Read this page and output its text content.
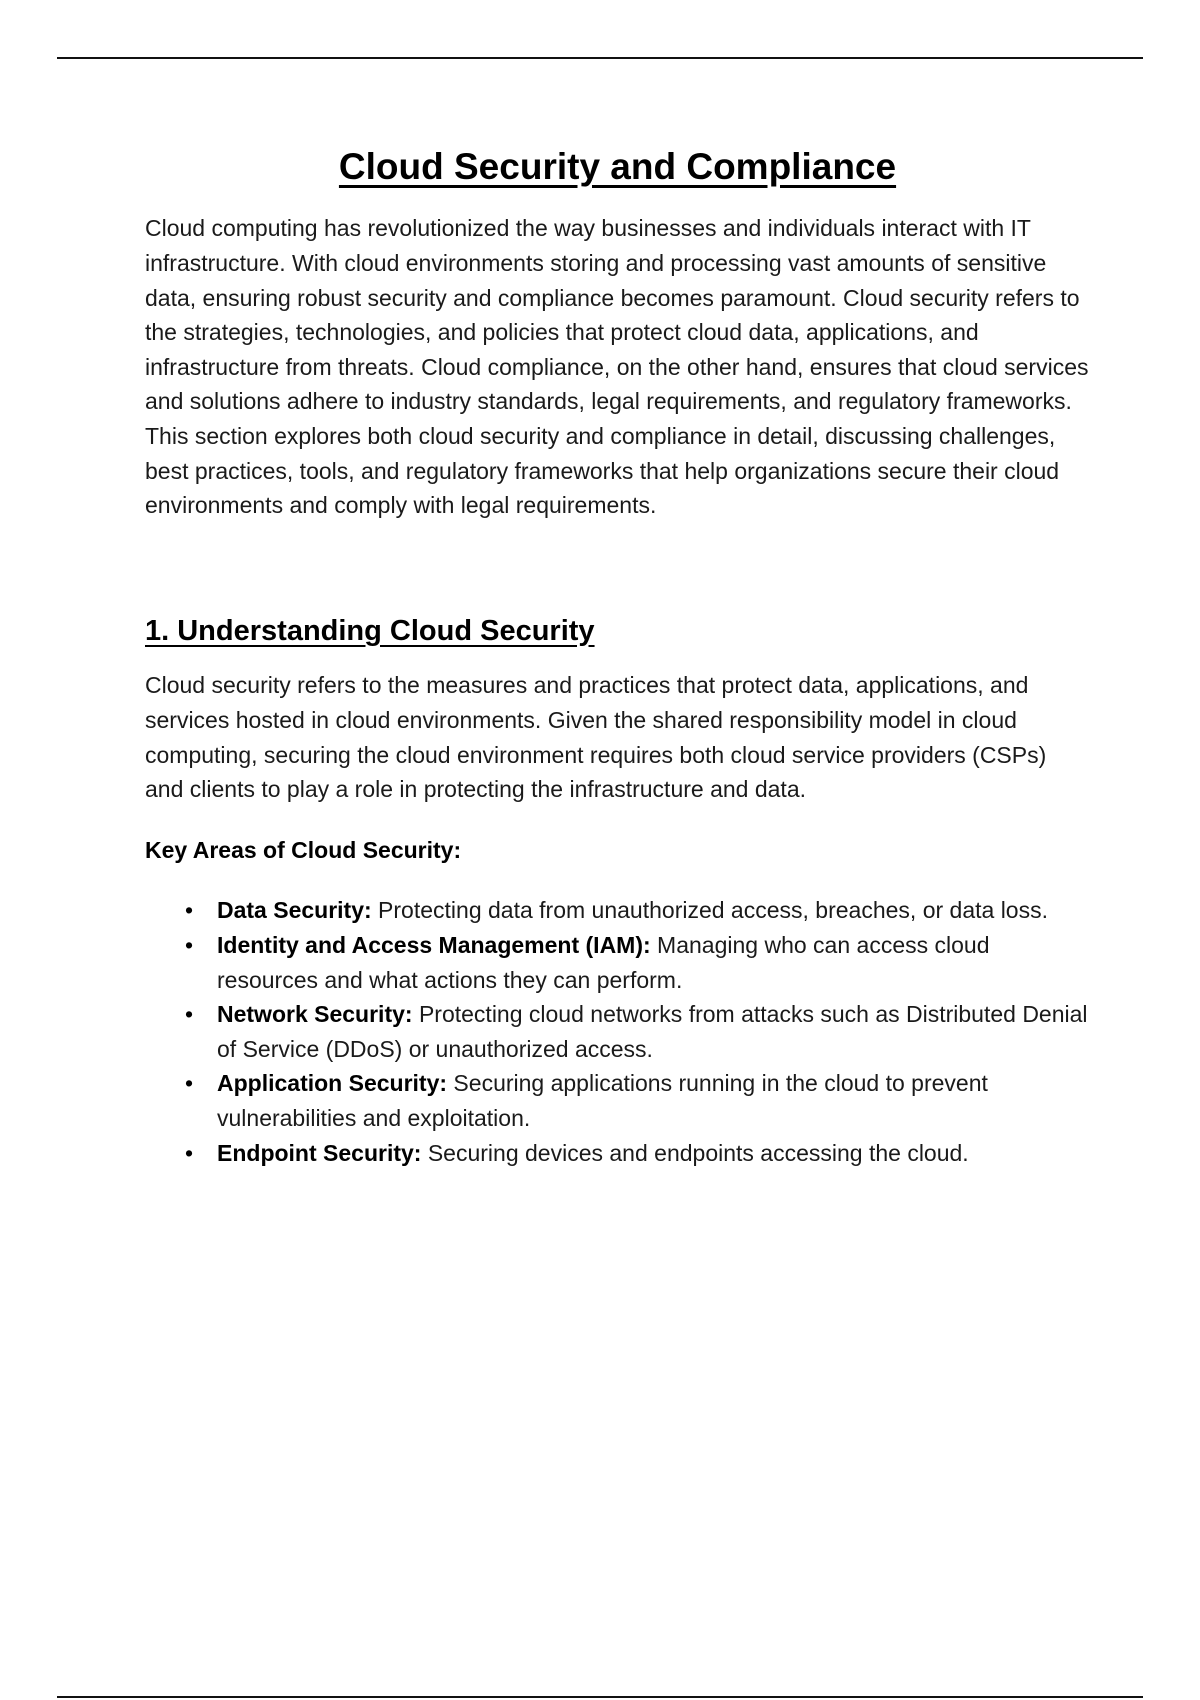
Cloud Security and Compliance

Cloud computing has revolutionized the way businesses and individuals interact with IT infrastructure. With cloud environments storing and processing vast amounts of sensitive data, ensuring robust security and compliance becomes paramount. Cloud security refers to the strategies, technologies, and policies that protect cloud data, applications, and infrastructure from threats. Cloud compliance, on the other hand, ensures that cloud services and solutions adhere to industry standards, legal requirements, and regulatory frameworks. This section explores both cloud security and compliance in detail, discussing challenges, best practices, tools, and regulatory frameworks that help organizations secure their cloud environments and comply with legal requirements.

1. Understanding Cloud Security

Cloud security refers to the measures and practices that protect data, applications, and services hosted in cloud environments. Given the shared responsibility model in cloud computing, securing the cloud environment requires both cloud service providers (CSPs) and clients to play a role in protecting the infrastructure and data.

Key Areas of Cloud Security:

• Data Security: Protecting data from unauthorized access, breaches, or data loss.
• Identity and Access Management (IAM): Managing who can access cloud resources and what actions they can perform.
• Network Security: Protecting cloud networks from attacks such as Distributed Denial of Service (DDoS) or unauthorized access.
• Application Security: Securing applications running in the cloud to prevent vulnerabilities and exploitation.
• Endpoint Security: Securing devices and endpoints accessing the cloud.
